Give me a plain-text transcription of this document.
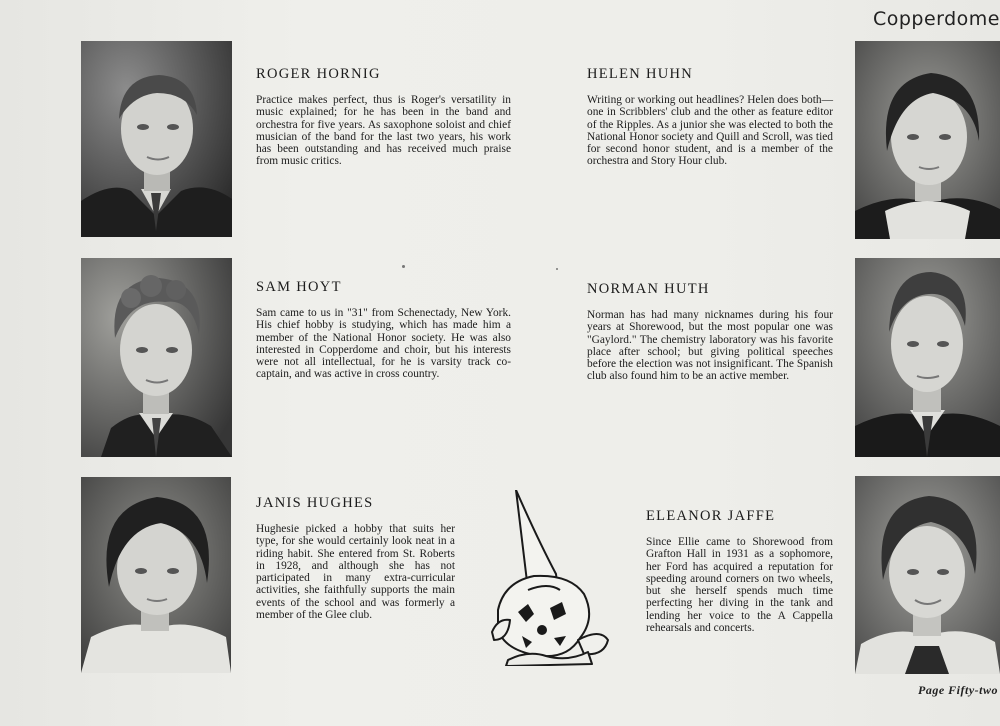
Copperdome
ROGER HORNIG

Practice makes perfect, thus is Roger's versatility in music explained; for he has been in the band and orchestra for five years. As saxophone soloist and chief musician of the band for the last two years, his work has been outstanding and has received much praise from music critics.

HELEN HUHN

Writing or working out headlines? Helen does both—one in Scribblers' club and the other as feature editor of the Ripples. As a junior she was elected to both the National Honor society and Quill and Scroll, was tied for second honor student, and is a member of the orchestra and Story Hour club.

SAM HOYT

Sam came to us in "31" from Schenectady, New York. His chief hobby is studying, which has made him a member of the National Honor society. He was also interested in Copperdome and choir, but his interests were not all intellectual, for he is varsity track co-captain, and was active in cross country.

NORMAN HUTH

Norman has had many nicknames during his four years at Shorewood, but the most popular one was "Gaylord." The chemistry laboratory was his favorite place after school; but giving political speeches before the election was not insignificant. The Spanish club also found him to be an active member.

JANIS HUGHES

Hughesie picked a hobby that suits her type, for she would certainly look neat in a riding habit. She entered from St. Roberts in 1928, and although she has not participated in many extra-curricular activities, she faithfully supports the main events of the school and was formerly a member of the Glee club.

ELEANOR JAFFE

Since Ellie came to Shorewood from Grafton Hall in 1931 as a sophomore, her Ford has acquired a reputation for speeding around corners on two wheels, but she herself spends much time perfecting her diving in the tank and lending her voice to the A Cappella rehearsals and concerts.

Page Fifty-two
